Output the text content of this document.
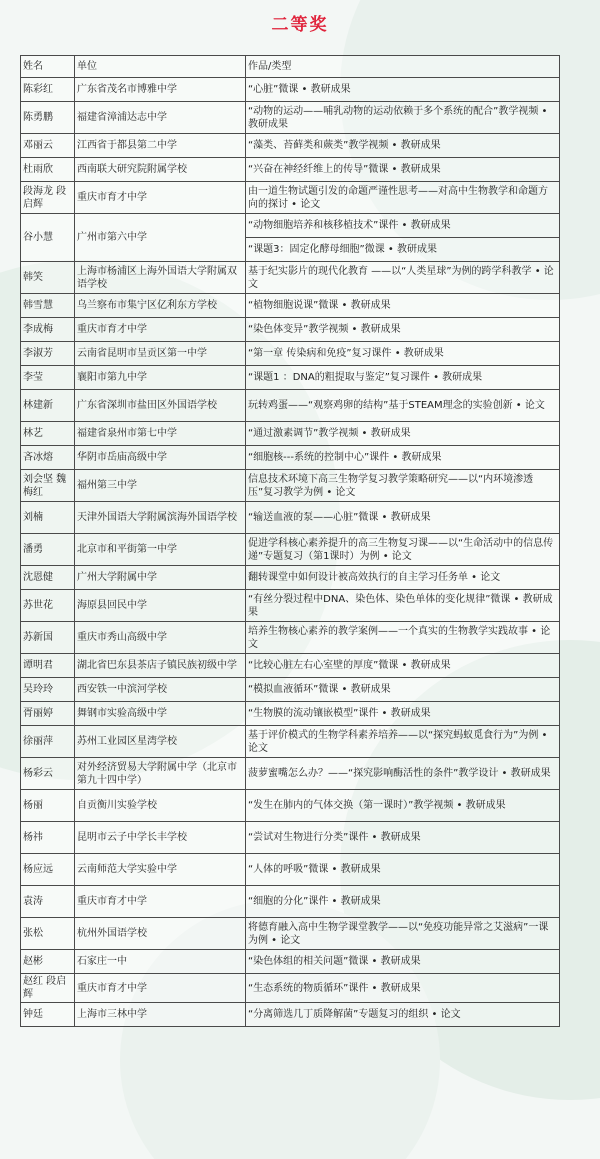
二等奖
姓名	单位	作品/类型
陈彩红	广东省茂名市博雅中学	“心脏”微课 • 教研成果
陈勇鹏	福建省漳浦达志中学	“动物的运动——哺乳动物的运动依赖于多个系统的配合”教学视频 • 教研成果
邓丽云	江西省于都县第二中学	“藻类、苔藓类和蕨类”教学视频 • 教研成果
杜雨欣	西南联大研究院附属学校	“兴奋在神经纤维上的传导”微课 • 教研成果
段海龙 段启辉	重庆市育才中学	由一道生物试题引发的命题严谨性思考——对高中生物教学和命题方向的探讨 • 论文
谷小慧	广州市第六中学	“动物细胞培养和核移植技术”课件 • 教研成果
		“课题3：固定化酵母细胞”微课 • 教研成果
韩笑	上海市杨浦区上海外国语大学附属双语学校	基于纪实影片的现代化教育 ——以“人类星球”为例的跨学科教学 • 论文
韩雪慧	乌兰察布市集宁区亿利东方学校	“植物细胞说课”微课 • 教研成果
李成梅	重庆市育才中学	“染色体变异”教学视频 • 教研成果
李淑芳	云南省昆明市呈贡区第一中学	“第一章 传染病和免疫”复习课件 • 教研成果
李莹	襄阳市第九中学	“课题1 ：DNA的粗提取与鉴定”复习课件 • 教研成果
林建新	广东省深圳市盐田区外国语学校	玩转鸡蛋——“观察鸡卵的结构”基于STEAM理念的实验创新 • 论文
林艺	福建省泉州市第七中学	“通过激素调节”教学视频 • 教研成果
吝冰熔	华阴市岳庙高级中学	“细胞核---系统的控制中心”课件 • 教研成果
刘会坚 魏梅红	福州第三中学	信息技术环境下高三生物学复习教学策略研究——以“内环境渗透压”复习教学为例 • 论文
刘楠	天津外国语大学附属滨海外国语学校	“输送血液的泵——心脏”微课 • 教研成果
潘勇	北京市和平街第一中学	促进学科核心素养提升的高三生物复习课——以“生命活动中的信息传递”专题复习（第1课时）为例 • 论文
沈恩健	广州大学附属中学	翻转课堂中如何设计被高效执行的自主学习任务单 • 论文
苏世花	海原县回民中学	“有丝分裂过程中DNA、染色体、染色单体的变化规律”微课 • 教研成果
苏新国	重庆市秀山高级中学	培养生物核心素养的教学案例——一个真实的生物教学实践故事 • 论文
谭明君	湖北省巴东县茶店子镇民族初级中学	“比较心脏左右心室壁的厚度”微课 • 教研成果
吴玲玲	西安铁一中滨河学校	“模拟血液循环”微课 • 教研成果
胥丽婷	舞钢市实验高级中学	“生物膜的流动镶嵌模型”课件 • 教研成果
徐丽萍	苏州工业园区星湾学校	基于评价模式的生物学科素养培养——以“探究蚂蚁觅食行为”为例 • 论文
杨彩云	对外经济贸易大学附属中学（北京市第九十四中学）	菠萝蜜嘴怎么办？——“探究影响酶活性的条件”教学设计 • 教研成果
杨丽	自贡衡川实验学校	“发生在肺内的气体交换（第一课时）”教学视频 • 教研成果
杨祎	昆明市云子中学长丰学校	“尝试对生物进行分类”课件 • 教研成果
杨应远	云南师范大学实验中学	“人体的呼吸”微课 • 教研成果
袁涛	重庆市育才中学	“细胞的分化”课件 • 教研成果
张松	杭州外国语学校	将德育融入高中生物学课堂教学——以“免疫功能异常之艾滋病”一课为例 • 论文
赵彬	石家庄一中	“染色体组的相关问题”微课 • 教研成果
赵红 段启辉	重庆市育才中学	“生态系统的物质循环”课件 • 教研成果
钟廷	上海市三林中学	“分离筛选几丁质降解菌”专题复习的组织 • 论文
